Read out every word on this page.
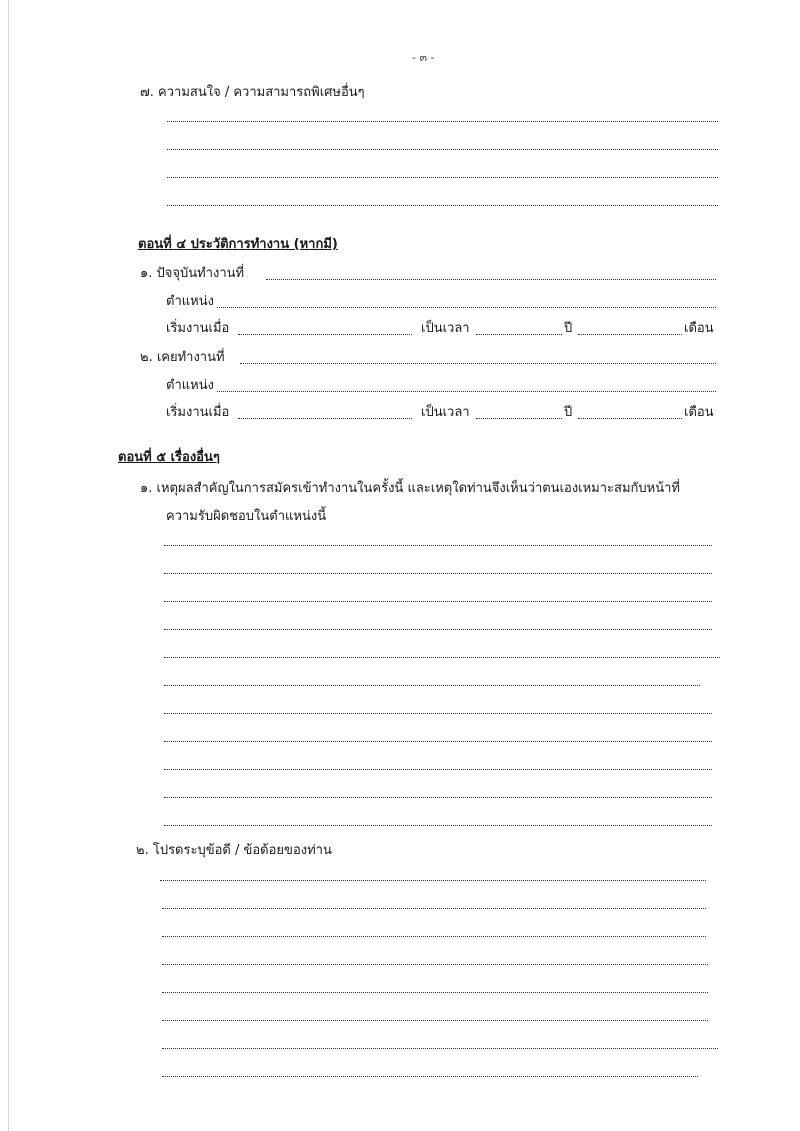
- ๓ -
๗. ความสนใจ / ความสามารถพิเศษอื่นๆ
ตอนที่ ๔ ประวัติการทำงาน (หากมี)
๑. ปัจจุบันทำงานที่
ตำแหน่ง
เริ่มงานเมื่อ	เป็นเวลา	ปี	เดือน
๒. เคยทำงานที่
ตำแหน่ง
เริ่มงานเมื่อ	เป็นเวลา	ปี	เดือน
ตอนที่ ๕ เรื่องอื่นๆ
๑. เหตุผลสำคัญในการสมัครเข้าทำงานในครั้งนี้ และเหตุใดท่านจึงเห็นว่าตนเองเหมาะสมกับหน้าที่
ความรับผิดชอบในตำแหน่งนี้
๒. โปรดระบุข้อดี / ข้อด้อยของท่าน
